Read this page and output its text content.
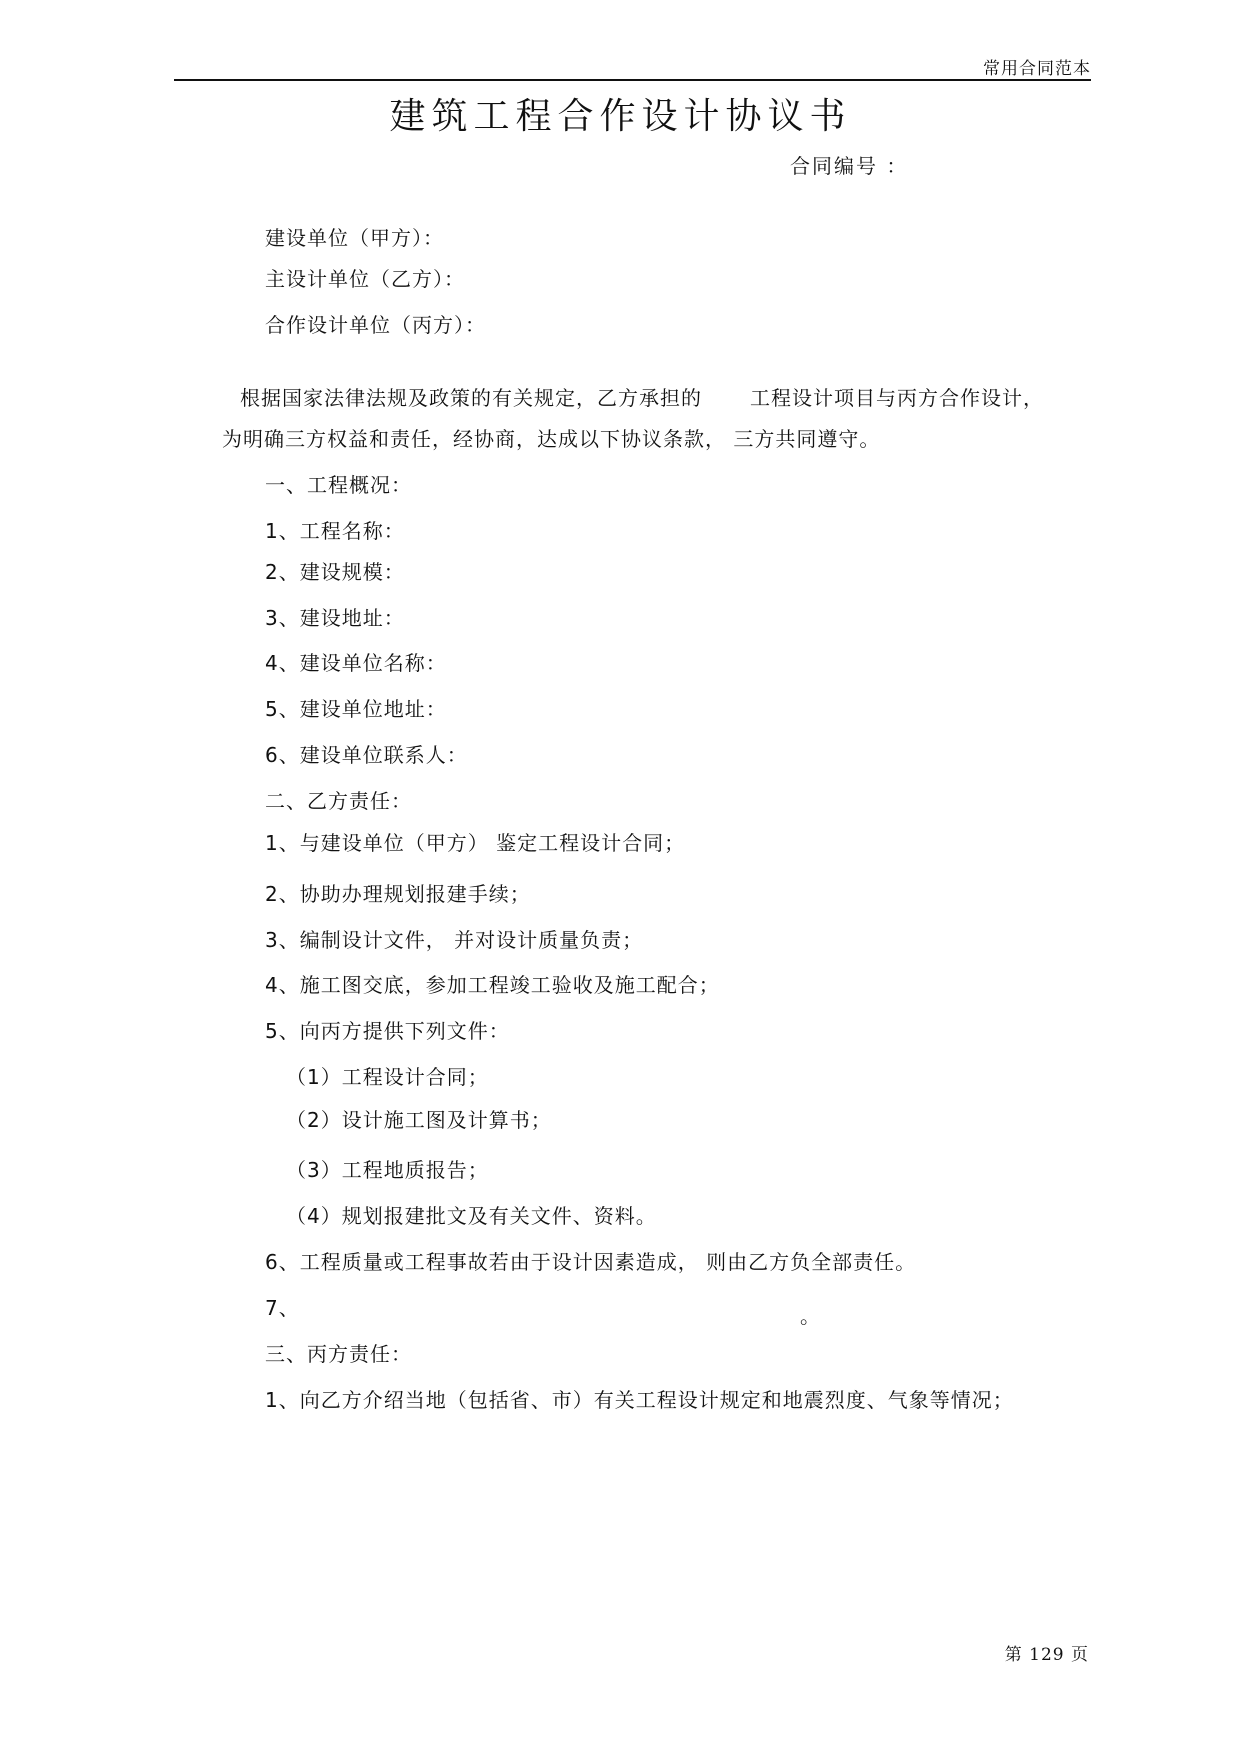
常用合同范本
建筑工程合作设计协议书
合同编号 ：
建设单位（甲方）：
主设计单位（乙方）：
合作设计单位（丙方）：
根据国家法律法规及政策的有关规定，乙方承担的 工程设计项目与丙方合作设计，
为明确三方权益和责任，经协商，达成以下协议条款， 三方共同遵守。
一、工程概况：
1、工程名称：
2、建设规模：
3、建设地址：
4、建设单位名称：
5、建设单位地址：
6、建设单位联系人：
二、乙方责任：
1、与建设单位（甲方） 鉴定工程设计合同；
2、协助办理规划报建手续；
3、编制设计文件， 并对设计质量负责；
4、施工图交底，参加工程竣工验收及施工配合；
5、向丙方提供下列文件：
（1）工程设计合同；
（2）设计施工图及计算书；
（3）工程地质报告；
（4）规划报建批文及有关文件、资料。
6、工程质量或工程事故若由于设计因素造成， 则由乙方负全部责任。
7、	。
三、丙方责任：
1、向乙方介绍当地（包括省、市）有关工程设计规定和地震烈度、气象等情况；
第 129 页
